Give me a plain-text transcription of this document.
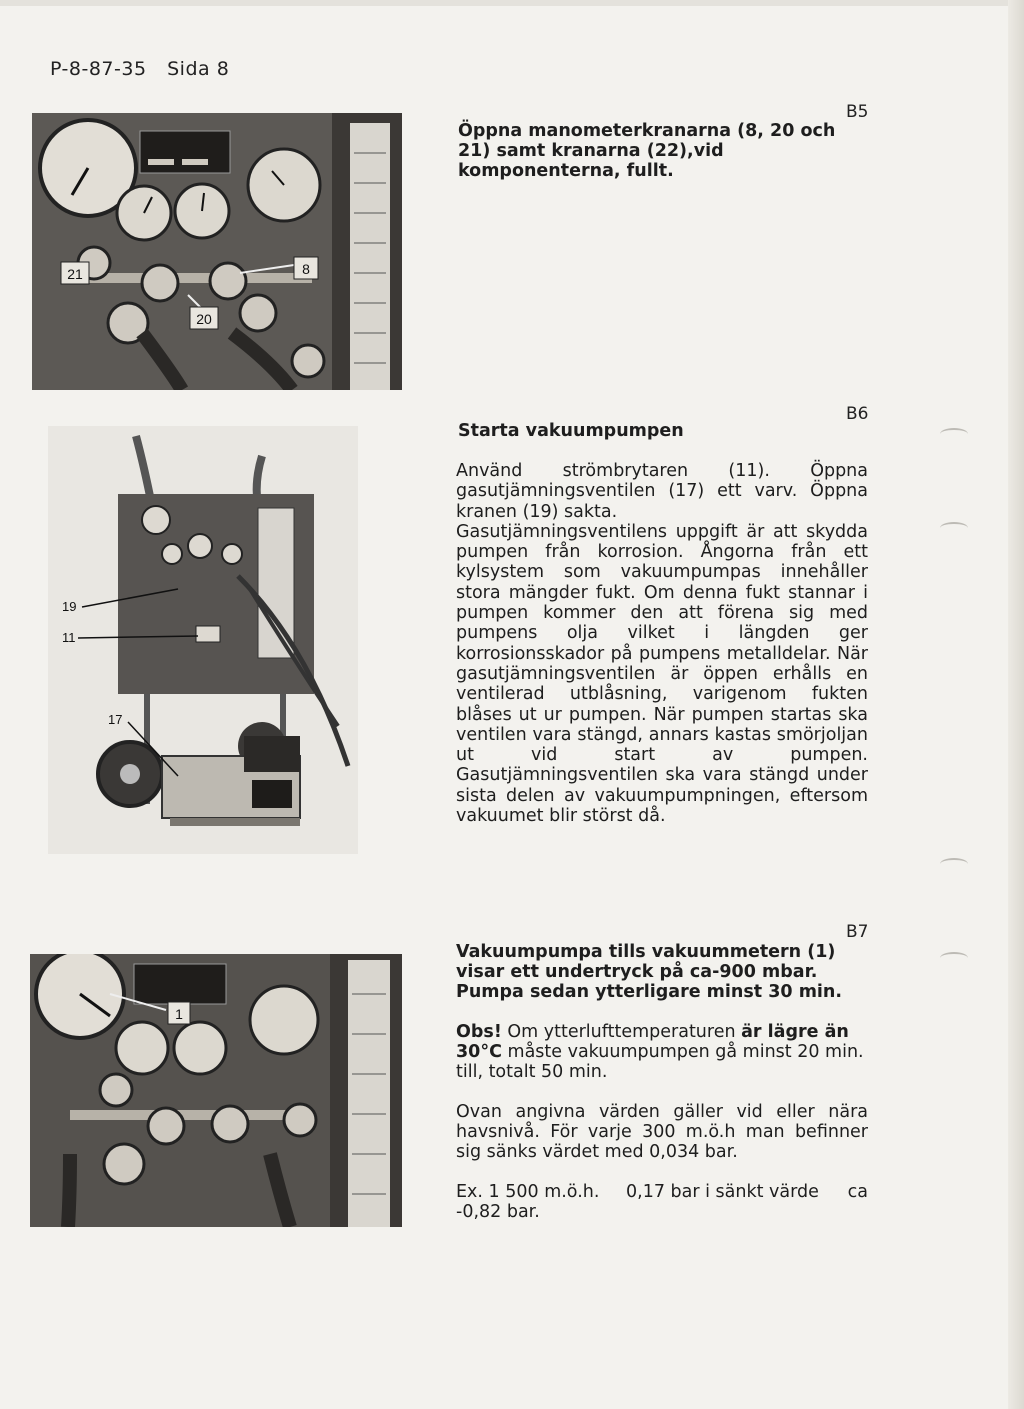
P-8-87-35 Sida 8
21	8
20
B5
Öppna manometerkranarna (8, 20 och 21) samt kranarna (22),vid komponenterna, fullt.
19
11
17
B6
Starta vakuumpumpen

Använd strömbrytaren (11). Öppna gasutjämningsventilen (17) ett varv. Öppna kranen (19) sakta.

Gasutjämningsventilens uppgift är att skydda pumpen från korrosion. Ångorna från ett kylsystem som vakuumpumpas innehåller stora mängder fukt. Om denna fukt stannar i pumpen kommer den att förena sig med pumpens olja vilket i längden ger korrosionsskador på pumpens metalldelar. När gasutjämningsventilen är öppen erhålls en ventilerad utblåsning, varigenom fukten blåses ut ur pumpen. När pumpen startas ska ventilen vara stängd, annars kastas smörjoljan ut vid start av pumpen. Gasutjämningsventilen ska vara stängd under sista delen av vakuumpumpningen, eftersom vakuumet blir störst då.

1
B7
Vakuumpumpa tills vakuummetern (1) visar ett undertryck på ca-900 mbar. Pumpa sedan ytterligare minst 30 min.
Obs! Om ytterlufttemperaturen är lägre än 30°C måste vakuumpumpen gå minst 20 min. till, totalt 50 min.
Ovan angivna värden gäller vid eller nära havsnivå. För varje 300 m.ö.h man befinner sig sänks värdet med 0,034 bar.
Ex. 1 500 m.ö.h. 0,17 bar i sänkt värde ca
-0,82 bar.
